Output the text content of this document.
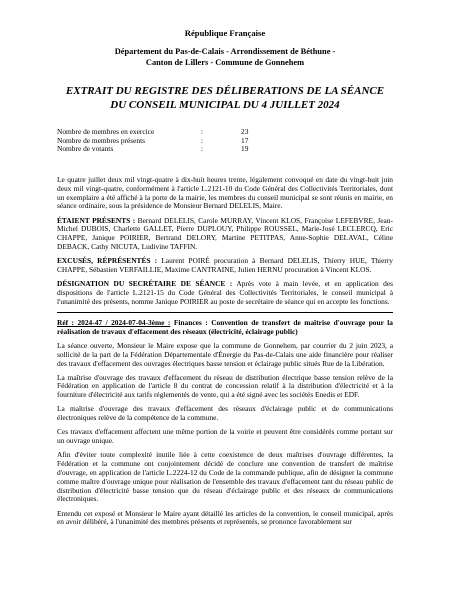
République Française
Département du Pas-de-Calais - Arrondissement de Béthune -
Canton de Lillers - Commune de Gonnehem
EXTRAIT DU REGISTRE DES DÉLIBERATIONS DE LA SÉANCE
DU CONSEIL MUNICIPAL DU 4 JUILLET 2024
Nombre de membres en exercice	:	23
Nombre de membres présents	:	17
Nombre de votants	:	19

Le quatre juillet deux mil vingt-quatre à dix-huit heures trente, légalement convoqué en date du vingt-huit juin deux mil vingt-quatre, conformément à l'article L.2121-10 du Code Général des Collectivités Territoriales, dont un exemplaire a été affiché à la porte de la mairie, les membres du conseil municipal se sont réunis en mairie, en séance ordinaire, sous la présidence de Monsieur Bernard DELELIS, Maire.

ÉTAIENT PRÉSENTS : Bernard DELELIS, Carole MURRAY, Vincent KLOS, Françoise LEFEBVRE, Jean-Michel DUBOIS, Charlette GALLET, Pierre DUPLOUY, Philippe ROUSSEL, Marie-José LECLERCQ, Eric CHAPPE, Janique POIRIER, Bertrand DELORY, Martine PETITPAS, Anne-Sophie DELAVAL, Céline DEBACK, Cathy NICUTA, Ludivine TAFFIN.

EXCUSÉS, RÉPRÉSENTÉS : Laurent POIRÉ procuration à Bernard DELELIS, Thierry HUE, Thierry CHAPPE, Sébastien VERFAILLIE, Maxime CANTRAINE, Julien HERNU procuration à Vincent KLOS.

DÉSIGNATION DU SECRÉTAIRE DE SÉANCE : Après vote à main levée, et en application des dispositions de l'article L.2121-15 du Code Général des Collectivités Territoriales, le conseil municipal à l'unanimité des présents, nomme Janique POIRIER au poste de secrétaire de séance qui en accepte les fonctions.

Réf : 2024-47 / 2024-07-04-3ème : Finances : Convention de transfert de maîtrise d'ouvrage pour la réalisation de travaux d'effacement des réseaux (électricité, éclairage public)

La séance ouverte, Monsieur le Maire expose que la commune de Gonnehem, par courrier du 2 juin 2023, a sollicité de la part de la Fédération Départementale d'Énergie du Pas-de-Calais une aide financière pour réaliser des travaux d'effacement des ouvrages électriques basse tension et éclairage public situés Rue de la Libération.

La maîtrise d'ouvrage des travaux d'effacement du réseau de distribution électrique basse tension relève de la Fédération en application de l'article 8 du contrat de concession relatif à la distribution d'électricité et à la fourniture d'électricité aux tarifs réglementés de vente, qui a été signé avec les sociétés Enedis et EDF.

La maîtrise d'ouvrage des travaux d'effacement des réseaux d'éclairage public et de communications électroniques relève de la compétence de la commune.

Ces travaux d'effacement affectent une même portion de la voirie et peuvent être considérés comme portant sur un ouvrage unique.

Afin d'éviter toute complexité inutile liée à cette coexistence de deux maîtrises d'ouvrage différentes, la Fédération et la commune ont conjointement décidé de conclure une convention de transfert de maîtrise d'ouvrage, en application de l'article L.2224-12 du Code de la commande publique, afin de désigner la commune comme maître d'ouvrage unique pour réalisation de l'ensemble des travaux d'effacement tant du réseau public de distribution d'électricité basse tension que du réseau d'éclairage public et des réseaux de communications électroniques.

Entendu cet exposé et Monsieur le Maire ayant détaillé les articles de la convention, le conseil municipal, après en avoir délibéré, à l'unanimité des membres présents et représentés, se prononce favorablement sur
